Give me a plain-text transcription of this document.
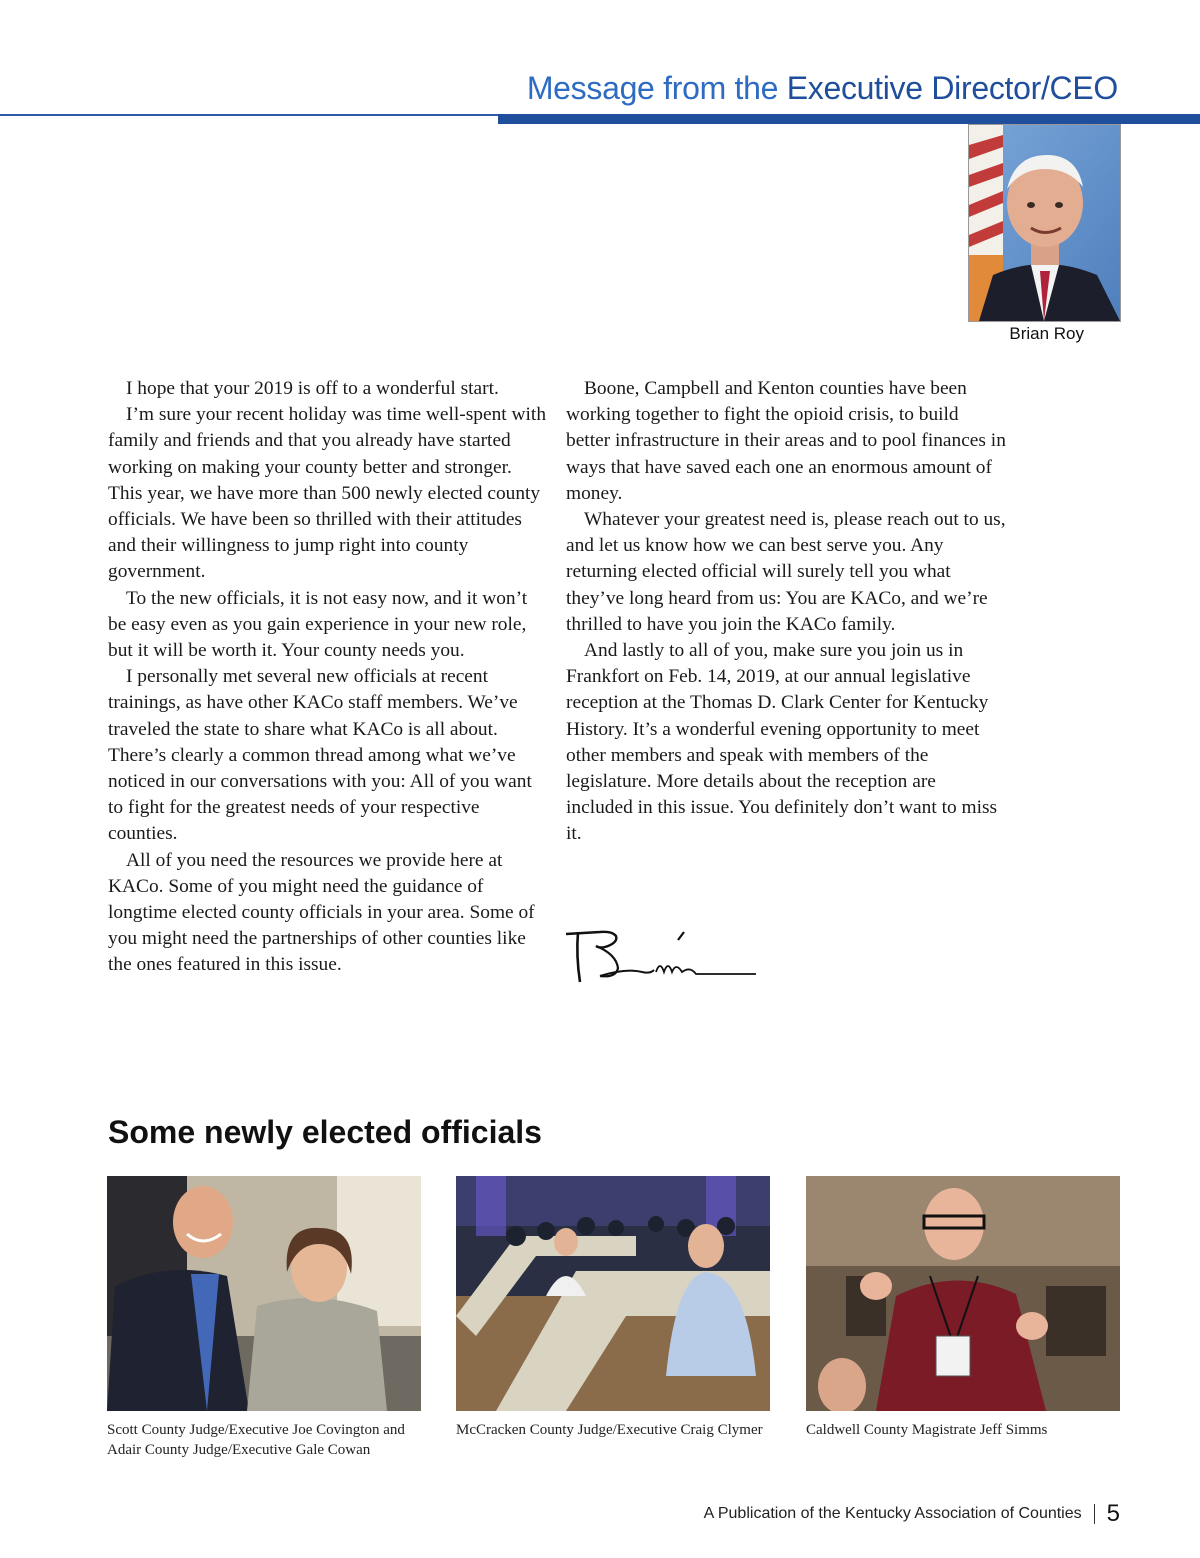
Message from the Executive Director/CEO
Brian Roy

I hope that your 2019 is off to a wonderful start.

I’m sure your recent holiday was time well-spent with family and friends and that you already have started working on making your county better and stronger. This year, we have more than 500 newly elected county officials. We have been so thrilled with their attitudes and their willingness to jump right into county government.

To the new officials, it is not easy now, and it won’t be easy even as you gain experience in your new role, but it will be worth it. Your county needs you.

I personally met several new officials at recent trainings, as have other KACo staff members. We’ve traveled the state to share what KACo is all about. There’s clearly a common thread among what we’ve noticed in our conversations with you: All of you want to fight for the greatest needs of your respective counties.

All of you need the resources we provide here at KACo. Some of you might need the guidance of longtime elected county officials in your area. Some of you might need the partnerships of other counties like the ones featured in this issue.

Boone, Campbell and Kenton counties have been working together to fight the opioid crisis, to build better infrastructure in their areas and to pool finances in ways that have saved each one an enormous amount of money.

Whatever your greatest need is, please reach out to us, and let us know how we can best serve you. Any returning elected official will surely tell you what they’ve long heard from us: You are KACo, and we’re thrilled to have you join the KACo family.

And lastly to all of you, make sure you join us in Frankfort on Feb. 14, 2019, at our annual legislative reception at the Thomas D. Clark Center for Kentucky History. It’s a wonderful evening opportunity to meet other members and speak with members of the legislature. More details about the reception are included in this issue. You definitely don’t want to miss it.

Some newly elected officials
Scott County Judge/Executive Joe Covington and Adair County Judge/Executive Gale Cowan
McCracken County Judge/Executive Craig Clymer	Caldwell County Magistrate Jeff Simms
A Publication of the Kentucky Association of Counties 5
